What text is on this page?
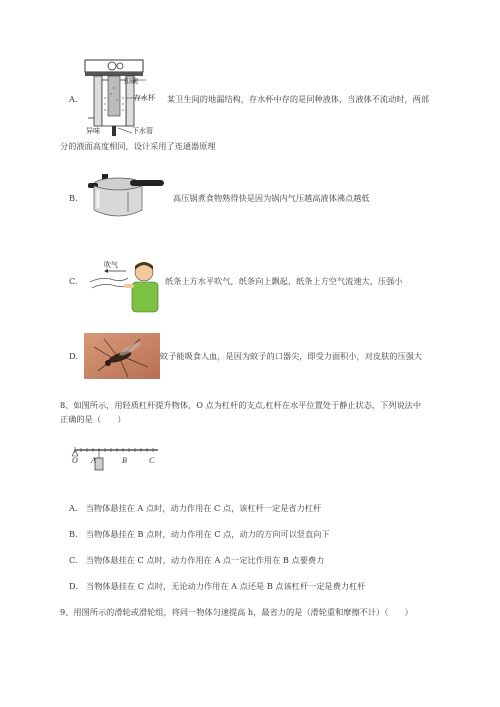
扣碗
存水杯
异味	下水管
A.	某卫生间的地漏结构，存水杯中存的是同种液体，当液体不流动时，两部
分的液面高度相同，设计采用了连通器原理
B.	高压锅煮食物熟得快是因为锅内气压越高液体沸点越低
C.
吹气
纸条上方水平吹气，纸条向上飘起，纸条上方空气流速大，压强小
D.	蚊子能吸食人血，是因为蚊子的口器尖，即受力面积小，对皮肤的压强大
8、如图所示，用轻质杠杆提升物体，O 点为杠杆的支点,杠杆在水平位置处于静止状态，下列说法中
正确的是（　　）
O A	B	C
A.　当物体悬挂在 A 点时，动力作用在 C 点，该杠杆一定是省力杠杆
B.　当物体悬挂在 B 点时，动力作用在 C 点，动力的方向可以竖直向下
C.　当物体悬挂在 C 点时，动力作用在 A 点一定比作用在 B 点要费力
D.　当物体悬挂在 C 点时，无论动力作用在 A 点还是 B 点该杠杆一定是费力杠杆
9、用图所示的滑轮或滑轮组，将同一物体匀速提高 h，最省力的是（滑轮重和摩擦不计）（　　）
